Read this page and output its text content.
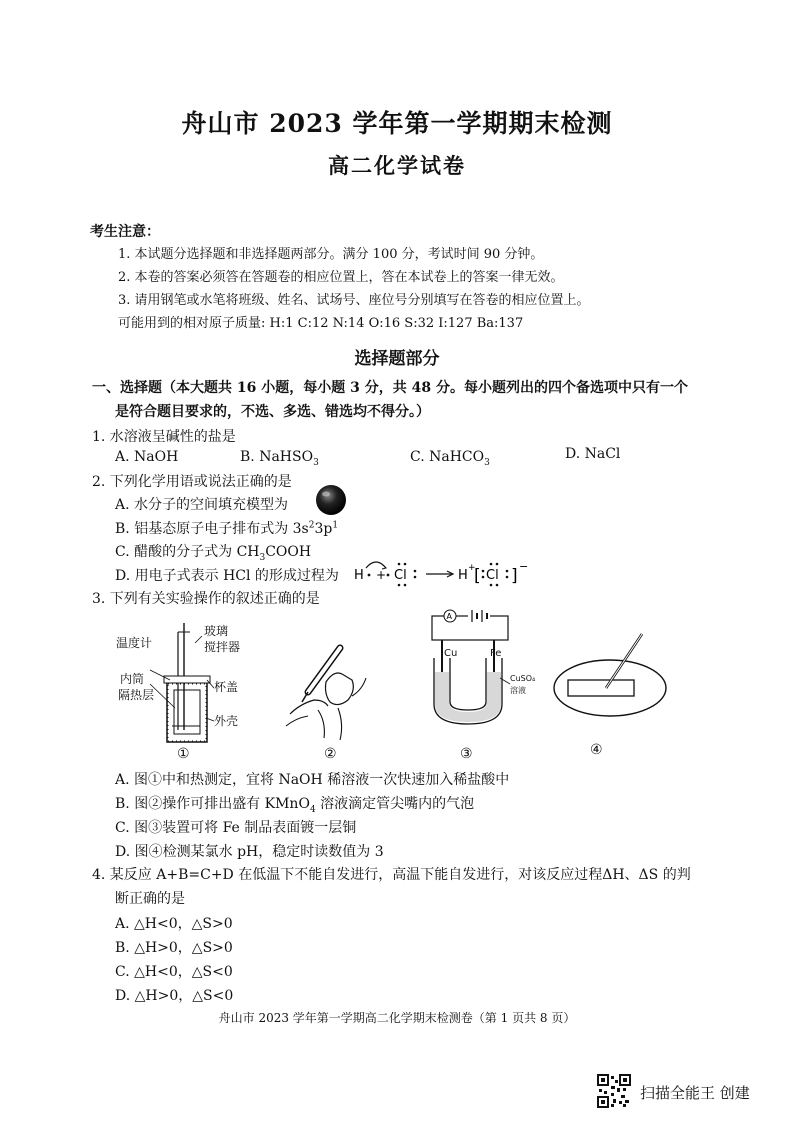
舟山市 2023 学年第一学期期末检测
高二化学试卷
考生注意：
1. 本试题分选择题和非选择题两部分。满分 100 分，考试时间 90 分钟。
2. 本卷的答案必须答在答题卷的相应位置上，答在本试卷上的答案一律无效。
3. 请用钢笔或水笔将班级、姓名、试场号、座位号分别填写在答卷的相应位置上。
可能用到的相对原子质量: H:1 C:12 N:14 O:16 S:32 I:127 Ba:137
选择题部分
一、选择题（本大题共 16 小题，每小题 3 分，共 48 分。每小题列出的四个备选项中只有一个
是符合题目要求的，不选、多选、错选均不得分。）
1. 水溶液呈碱性的盐是
A. NaOH	B. NaHSO$_3$	C. NaHCO$_3$
D. NaCl
2. 下列化学用语或说法正确的是
A. 水分子的空间填充模型为
B. 铝基态原子电子排布式为 $3s^23p^1$
C. 醋酸的分子式为 $CH_3COOH$
D. 用电子式表示 HCl 的形成过程为 H + Cl	H +
[ Cl ] −
3. 下列有关实验操作的叙述正确的是
温度计
玻璃
搅拌器
内筒
隔热层
杯盖
外壳
①	②
A
Cu	Fe
CuSO₄
溶液
③	④
A. 图①中和热测定，宜将 NaOH 稀溶液一次快速加入稀盐酸中
B. 图②操作可排出盛有 KMnO$_4$ 溶液滴定管尖嘴内的气泡
C. 图③装置可将 Fe 制品表面镀一层铜
D. 图④检测某氯水 pH，稳定时读数值为 3
4. 某反应 A+B=C+D 在低温下不能自发进行，高温下能自发进行，对该反应过程ΔH、ΔS 的判
断正确的是
A. △H<0，△S>0
B. △H>0，△S>0
C. △H<0，△S<0
D. △H>0，△S<0
舟山市 2023 学年第一学期高二化学期末检测卷（第 1 页共 8 页）
扫描全能王 创建
